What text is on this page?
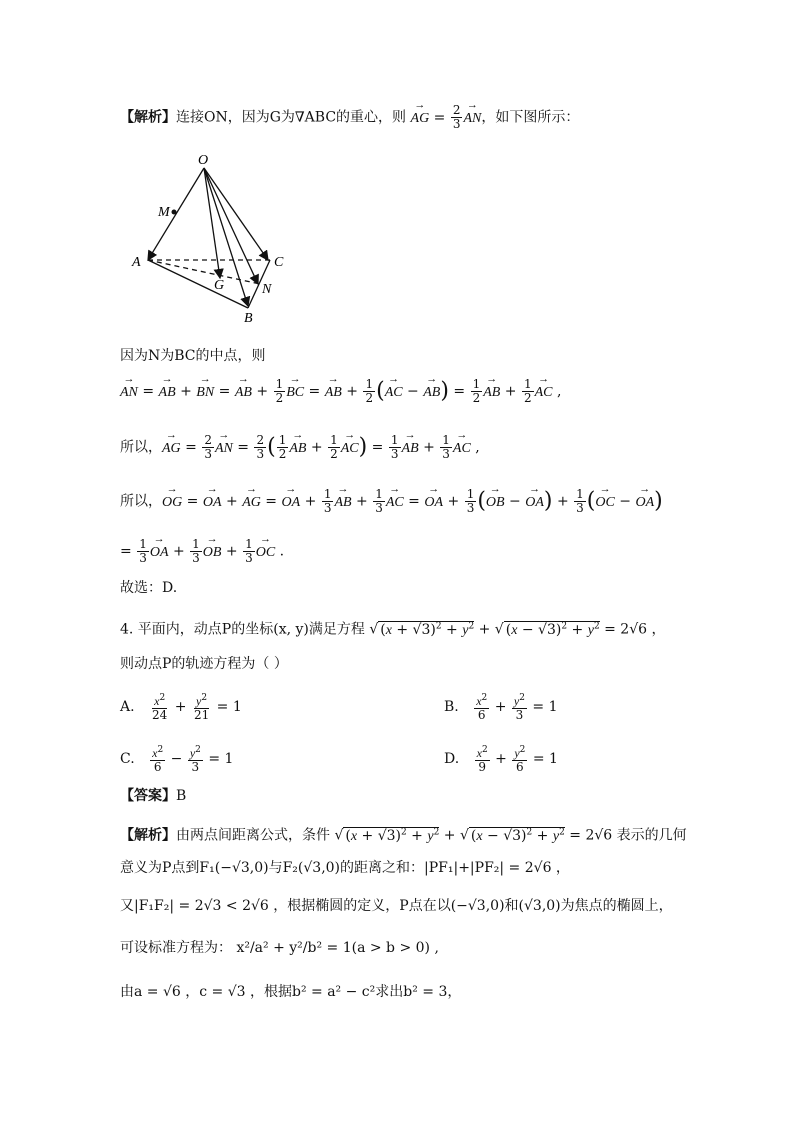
【解析】连接ON，因为G为∇ABC的重心，则 → AG = $\frac{2}{3}$
→ AN，如下图所示：
O
M
A	C
G	N
B
因为N为BC的中点，则
→ AN = → AB + → BN = → AB + $\frac{1}{2}$
→ BC = → AB + $\frac{1}{2}$ (→ AC − → $AB) = \frac{1}{2}$
→ AB + $\frac{1}{2}$
→ AC ,
所以，→ AG = $\frac{2}{3}$
→ AN = $\frac{2}{3}$ ( $\frac{1}{2}$
→ AB + $\frac{1}{2}$
→ $AC) = \frac{1}{3}$
→ AB + $\frac{1}{3}$
→ AC ,
所以，→ OG = → OA + → AG = → OA + $\frac{1}{3}$
→ AB + $\frac{1}{3}$
→ AC = → OA + $\frac{1}{3}$ (→ OB − → $OA) + \frac{1}{3}$ (→ OC − → OA)
= $\frac{1}{3}$
→ OA + $\frac{1}{3}$
→ OB + $\frac{1}{3}$
→ OC .
故选：D.
4. 平面内，动点P的坐标(x, y)满足方程 √ $(x + √3)^2 + y^2$ + √ $(x - √3)^2 + y^2 = 2√6$ ，
则动点P的轨迹方程为（ ）
A. $\frac{x^2}{24} + \frac{y^2}{21} = 1$	B. $\frac{x^2}{6} + \frac{y^2}{3} = 1$
C. $\frac{x^2}{6} - \frac{y^2}{3} = 1$	D. $\frac{x^2}{9} + \frac{y^2}{6} = 1$
【答案】B
【解析】由两点间距离公式，条件 √ $(x + √3)^2 + y^2$ + √ $(x - √3)^2 + y^2 = 2√6$ 表示的几何
意义为P点到F₁(−√3,0)与F₂(√3,0)的距离之和：|PF₁|+|PF₂| = 2√6 ，
又|F₁F₂| = 2√3 < 2√6 ，根据椭圆的定义，P点在以(−√3,0)和(√3,0)为焦点的椭圆上，
可设标准方程为： x²/a² + y²/b² = 1(a > b > 0) ,
由a = √6 ，c = √3 ，根据b² = a² − c²求出b² = 3，
